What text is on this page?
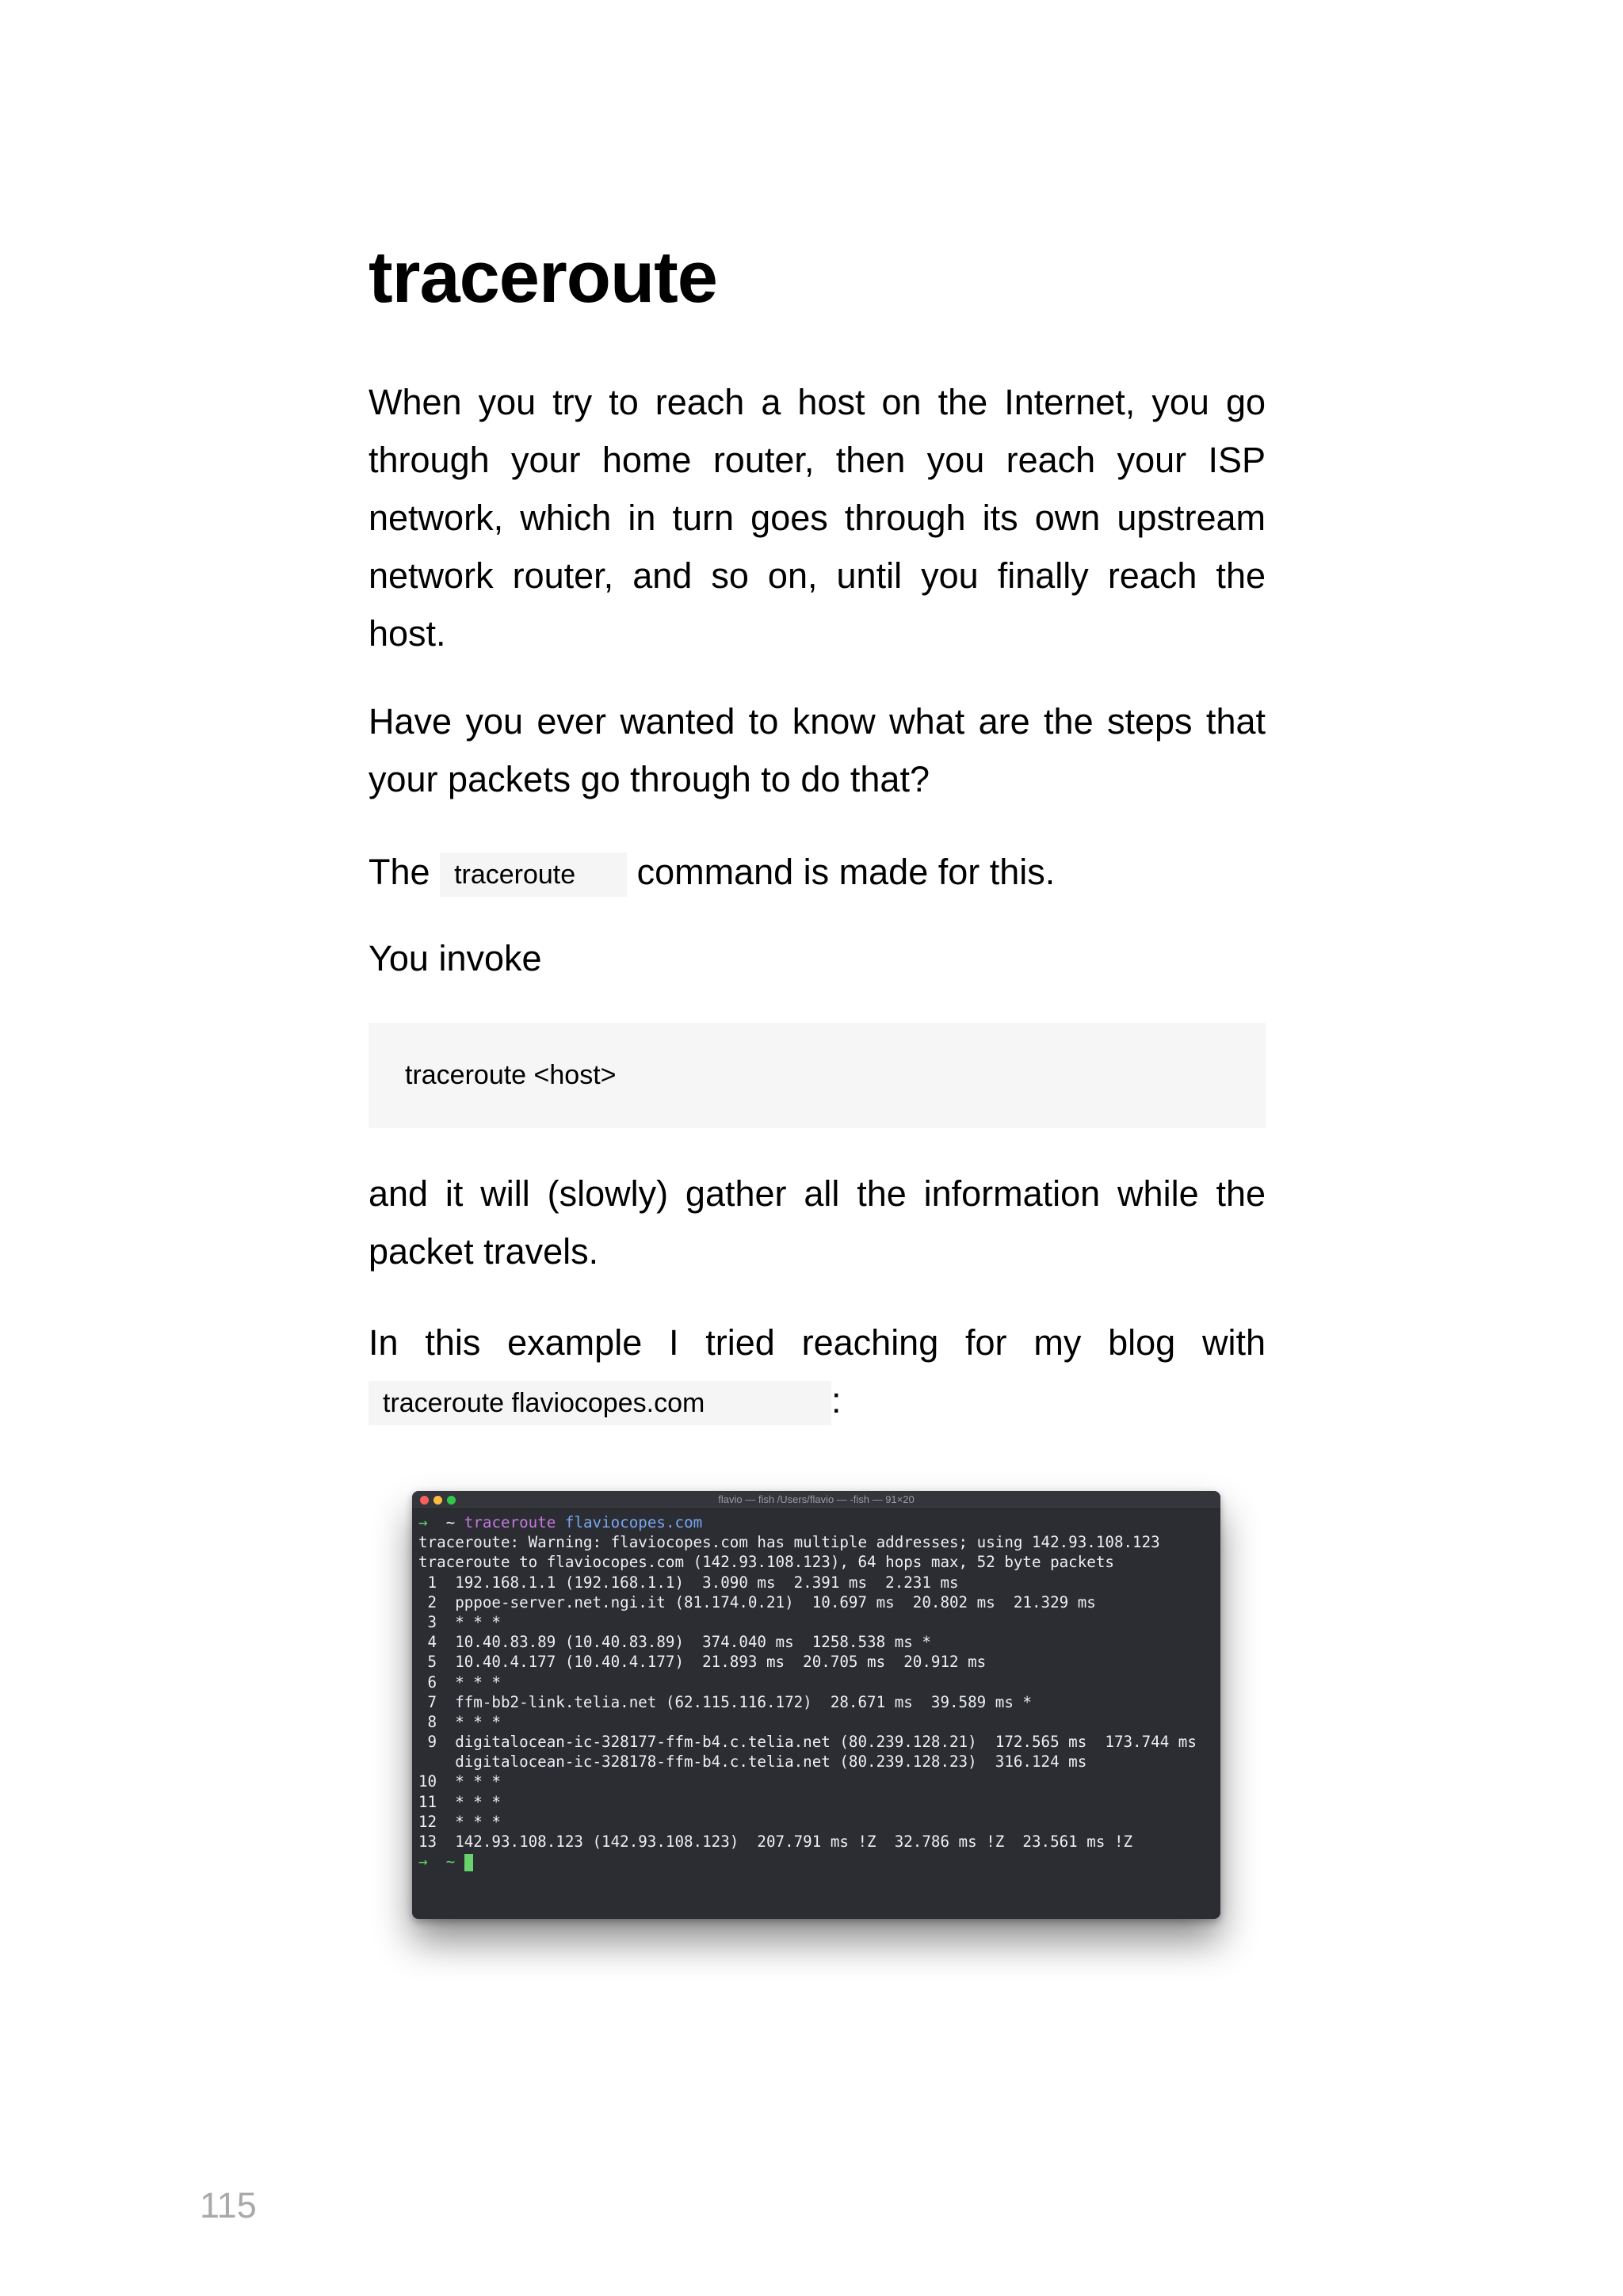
traceroute

When you try to reach a host on the Internet, you go through your home router, then you reach your ISP network, which in turn goes through its own upstream network router, and so on, until you finally reach the host.

Have you ever wanted to know what are the steps that your packets go through to do that?

The traceroute command is made for this.

You invoke

traceroute <host>

and it will (slowly) gather all the information while the packet travels.

In this example I tried reaching for my blog with

traceroute flaviocopes.com	:

flavio — fish /Users/flavio — -fish — 91×20
→ ~ traceroute flaviocopes.com
traceroute: Warning: flaviocopes.com has multiple addresses; using 142.93.108.123
traceroute to flaviocopes.com (142.93.108.123), 64 hops max, 52 byte packets
1  192.168.1.1 (192.168.1.1)  3.090 ms  2.391 ms  2.231 ms
2  pppoe-server.net.ngi.it (81.174.0.21)  10.697 ms  20.802 ms  21.329 ms
3  * * *
4  10.40.83.89 (10.40.83.89)  374.040 ms  1258.538 ms *
5  10.40.4.177 (10.40.4.177)  21.893 ms  20.705 ms  20.912 ms
6  * * *
7  ffm-bb2-link.telia.net (62.115.116.172)  28.671 ms  39.589 ms *
8  * * *
9  digitalocean-ic-328177-ffm-b4.c.telia.net (80.239.128.21)  172.565 ms  173.744 ms
digitalocean-ic-328178-ffm-b4.c.telia.net (80.239.128.23)  316.124 ms
10  * * *
11  * * *
12  * * *
13  142.93.108.123 (142.93.108.123)  207.791 ms !Z  32.786 ms !Z  23.561 ms !Z
→ ~
115
